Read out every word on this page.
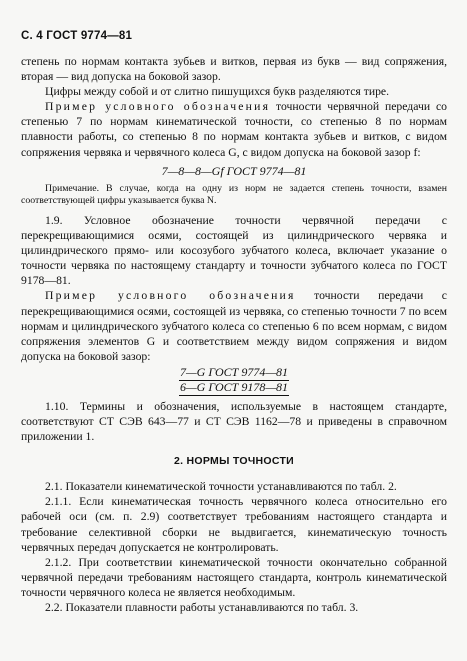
С. 4 ГОСТ 9774—81

степень по нормам контакта зубьев и витков, первая из букв — вид сопряжения, вторая — вид допуска на боковой зазор.

Цифры между собой и от слитно пишущихся букв разделяются тире.

Пример условного обозначения точности червячной передачи со степенью 7 по нормам кинематической точности, со степенью 8 по нормам плавности работы, со степенью 8 по нормам контакта зубьев и витков, с видом сопряжения червяка и червячного колеса G, с видом допуска на боковой зазор f:

7—8—8—Gf ГОСТ 9774—81

Примечание. В случае, когда на одну из норм не задается степень точности, взамен соответствующей цифры указывается буква N.

1.9. Условное обозначение точности червячной передачи с перекрещивающимися осями, состоящей из цилиндрического червяка и цилиндрического прямо- или косозубого зубчатого колеса, включает указание о точности червяка по настоящему стандарту и точности зубчатого колеса по ГОСТ 9178—81.

Пример условного обозначения точности передачи с перекрещивающимися осями, состоящей из червяка, со степенью точности 7 по всем нормам и цилиндрического зубчатого колеса со степенью 6 по всем нормам, с видом сопряжения элементов G и соответствием между видом сопряжения и видом допуска на боковой зазор:

7—G ГОСТ 9774—81
6—G ГОСТ 9178—81

1.10. Термины и обозначения, используемые в настоящем стандарте, соответствуют СТ СЭВ 643—77 и СТ СЭВ 1162—78 и приведены в справочном приложении 1.

2. НОРМЫ ТОЧНОСТИ

2.1. Показатели кинематической точности устанавливаются по табл. 2.

2.1.1. Если кинематическая точность червячного колеса относительно его рабочей оси (см. п. 2.9) соответствует требованиям настоящего стандарта и требование селективной сборки не выдвигается, кинематическую точность червячных передач допускается не контролировать.

2.1.2. При соответствии кинематической точности окончательно собранной червячной передачи требованиям настоящего стандарта, контроль кинематической точности червячного колеса не является необходимым.

2.2. Показатели плавности работы устанавливаются по табл. 3.
